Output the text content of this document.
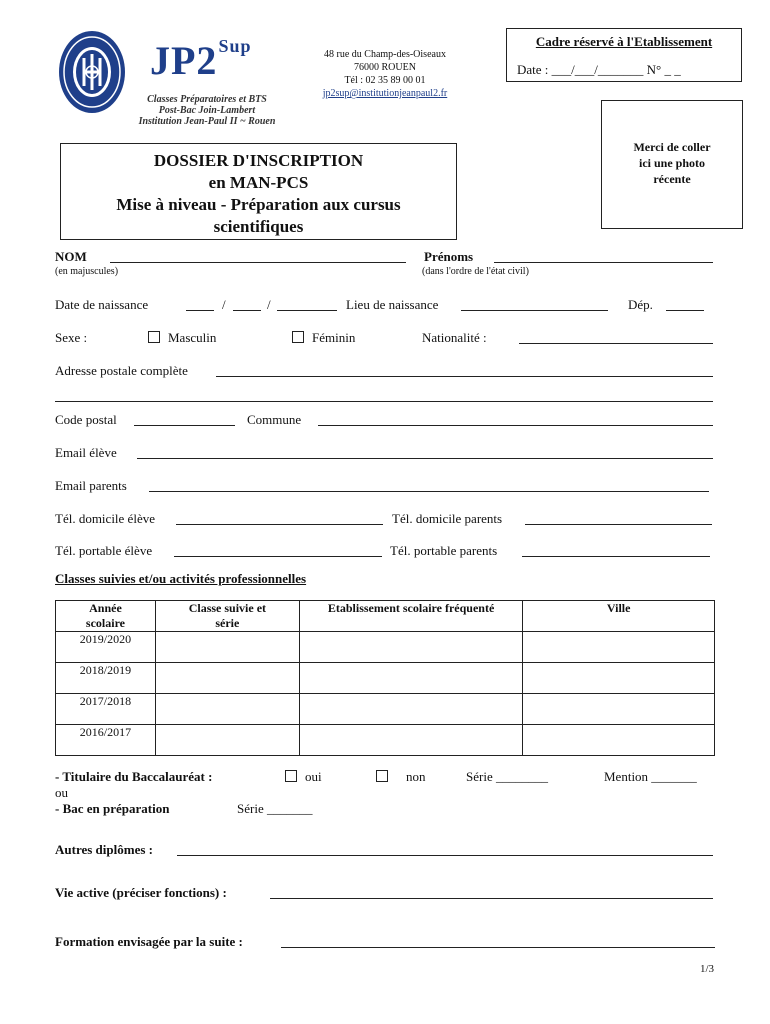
$JP2^{Sup}$
Classes Préparatoires et BTS
Post-Bac Join-Lambert
Institution Jean-Paul II ~ Rouen
48 rue du Champ-des-Oiseaux
76000 ROUEN
Tél : 02 35 89 00 01
jp2sup@institutionjeanpaul2.fr
Cadre réservé à l'Etablissement
Date : ___/___/_______ N° _ _
Merci de coller
ici une photo
récente
DOSSIER D'INSCRIPTION
en MAN-PCS
Mise à niveau - Préparation aux cursus
scientifiques
NOM
(en majuscules)
Prénoms
(dans l'ordre de l'état civil)
Date de naissance	/	/	Lieu de naissance	Dép.
Sexe :	Masculin	Féminin	Nationalité :
Adresse postale complète
Code postal	Commune
Email élève
Email parents
Tél. domicile élève	Tél. domicile parents
Tél. portable élève	Tél. portable parents
Classes suivies et/ou activités professionnelles
Année scolaire	Classe suivie et série	Etablissement scolaire fréquenté	Ville
2019/2020			
2018/2019			
2017/2018			
2016/2017			
- Titulaire du Baccalauréat :	oui	non	Série ________	Mention _______
ou
- Bac en préparation	Série _______
Autres diplômes :
Vie active (préciser fonctions) :
Formation envisagée par la suite :
1/3
